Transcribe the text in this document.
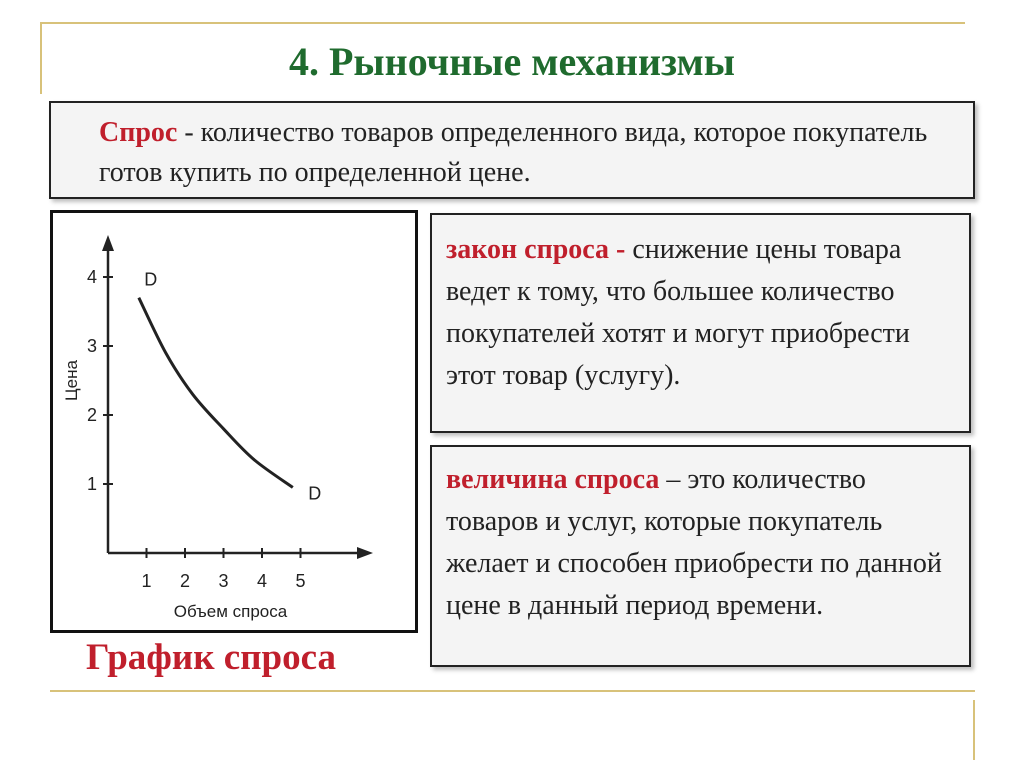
4. Рыночные механизмы
Спрос - количество товаров определенного вида, которое покупатель готов купить по определенной цене.
1 2 3 4 5
1
2
3
4
Объем спроса
Цена
D
D
График спроса
закон спроса - снижение цены товара ведет к тому, что большее количество покупателей хотят и могут приобрести этот товар (услугу).
величина спроса – это количество товаров и услуг, которые покупатель желает и способен приобрести по данной цене в данный период времени.
